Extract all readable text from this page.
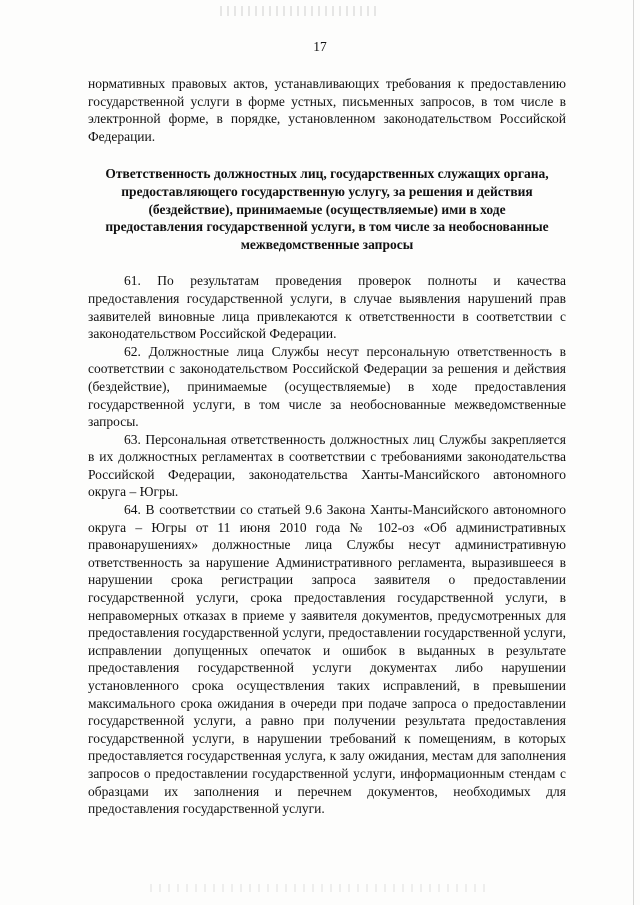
17

нормативных правовых актов, устанавливающих требования к предоставлению государственной услуги в форме устных, письменных запросов, в том числе в электронной форме, в порядке, установленном законодательством Российской Федерации.

Ответственность должностных лиц, государственных служащих органа, предоставляющего государственную услугу, за решения и действия (бездействие), принимаемые (осуществляемые) ими в ходе предоставления государственной услуги, в том числе за необоснованные межведомственные запросы

61. По результатам проведения проверок полноты и качества предоставления государственной услуги, в случае выявления нарушений прав заявителей виновные лица привлекаются к ответственности в соответствии с законодательством Российской Федерации.

62. Должностные лица Службы несут персональную ответственность в соответствии с законодательством Российской Федерации за решения и действия (бездействие), принимаемые (осуществляемые) в ходе предоставления государственной услуги, в том числе за необоснованные межведомственные запросы.

63. Персональная ответственность должностных лиц Службы закрепляется в их должностных регламентах в соответствии с требованиями законодательства Российской Федерации, законодательства Ханты-Мансийского автономного округа – Югры.

64. В соответствии со статьей 9.6 Закона Ханты-Мансийского автономного округа – Югры от 11 июня 2010 года № 102-оз «Об административных правонарушениях» должностные лица Службы несут административную ответственность за нарушение Административного регламента, выразившееся в нарушении срока регистрации запроса заявителя о предоставлении государственной услуги, срока предоставления государственной услуги, в неправомерных отказах в приеме у заявителя документов, предусмотренных для предоставления государственной услуги, предоставлении государственной услуги, исправлении допущенных опечаток и ошибок в выданных в результате предоставления государственной услуги документах либо нарушении установленного срока осуществления таких исправлений, в превышении максимального срока ожидания в очереди при подаче запроса о предоставлении государственной услуги, а равно при получении результата предоставления государственной услуги, в нарушении требований к помещениям, в которых предоставляется государственная услуга, к залу ожидания, местам для заполнения запросов о предоставлении государственной услуги, информационным стендам с образцами их заполнения и перечнем документов, необходимых для предоставления государственной услуги.
